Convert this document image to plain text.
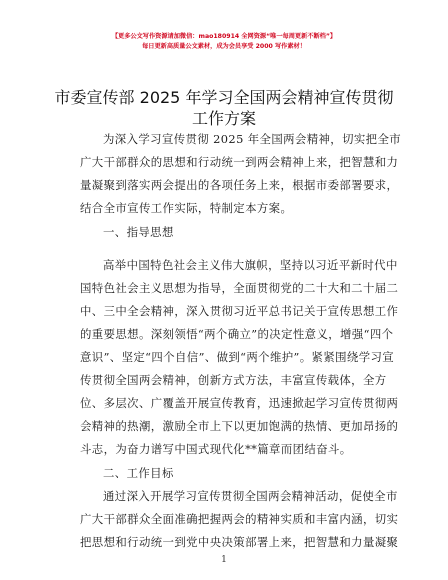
【更多公文写作资源请加微信：mao180914 全网资源“唯一每周更新不断档”】
每日更新高质量公文素材，成为会员享受 2000 写作素材！
市委宣传部 2025 年学习全国两会精神宣传贯彻
工作方案
为深入学习宣传贯彻 2025 年全国两会精神，切实把全市
广大干部群众的思想和行动统一到两会精神上来，把智慧和力
量凝聚到落实两会提出的各项任务上来，根据市委部署要求，
结合全市宣传工作实际，特制定本方案。
一、指导思想
高举中国特色社会主义伟大旗帜，坚持以习近平新时代中
国特色社会主义思想为指导，全面贯彻党的二十大和二十届二
中、三中全会精神，深入贯彻习近平总书记关于宣传思想工作
的重要思想。深刻领悟“两个确立”的决定性意义，增强“四个
意识”、坚定“四个自信”、做到“两个维护”。紧紧围绕学习宣
传贯彻全国两会精神，创新方式方法，丰富宣传载体，全方
位、多层次、广覆盖开展宣传教育，迅速掀起学习宣传贯彻两
会精神的热潮，激励全市上下以更加饱满的热情、更加昂扬的
斗志，为奋力谱写中国式现代化**篇章而团结奋斗。
二、工作目标
通过深入开展学习宣传贯彻全国两会精神活动，促使全市
广大干部群众全面准确把握两会的精神实质和丰富内涵，切实
把思想和行动统一到党中央决策部署上来，把智慧和力量凝聚
1
